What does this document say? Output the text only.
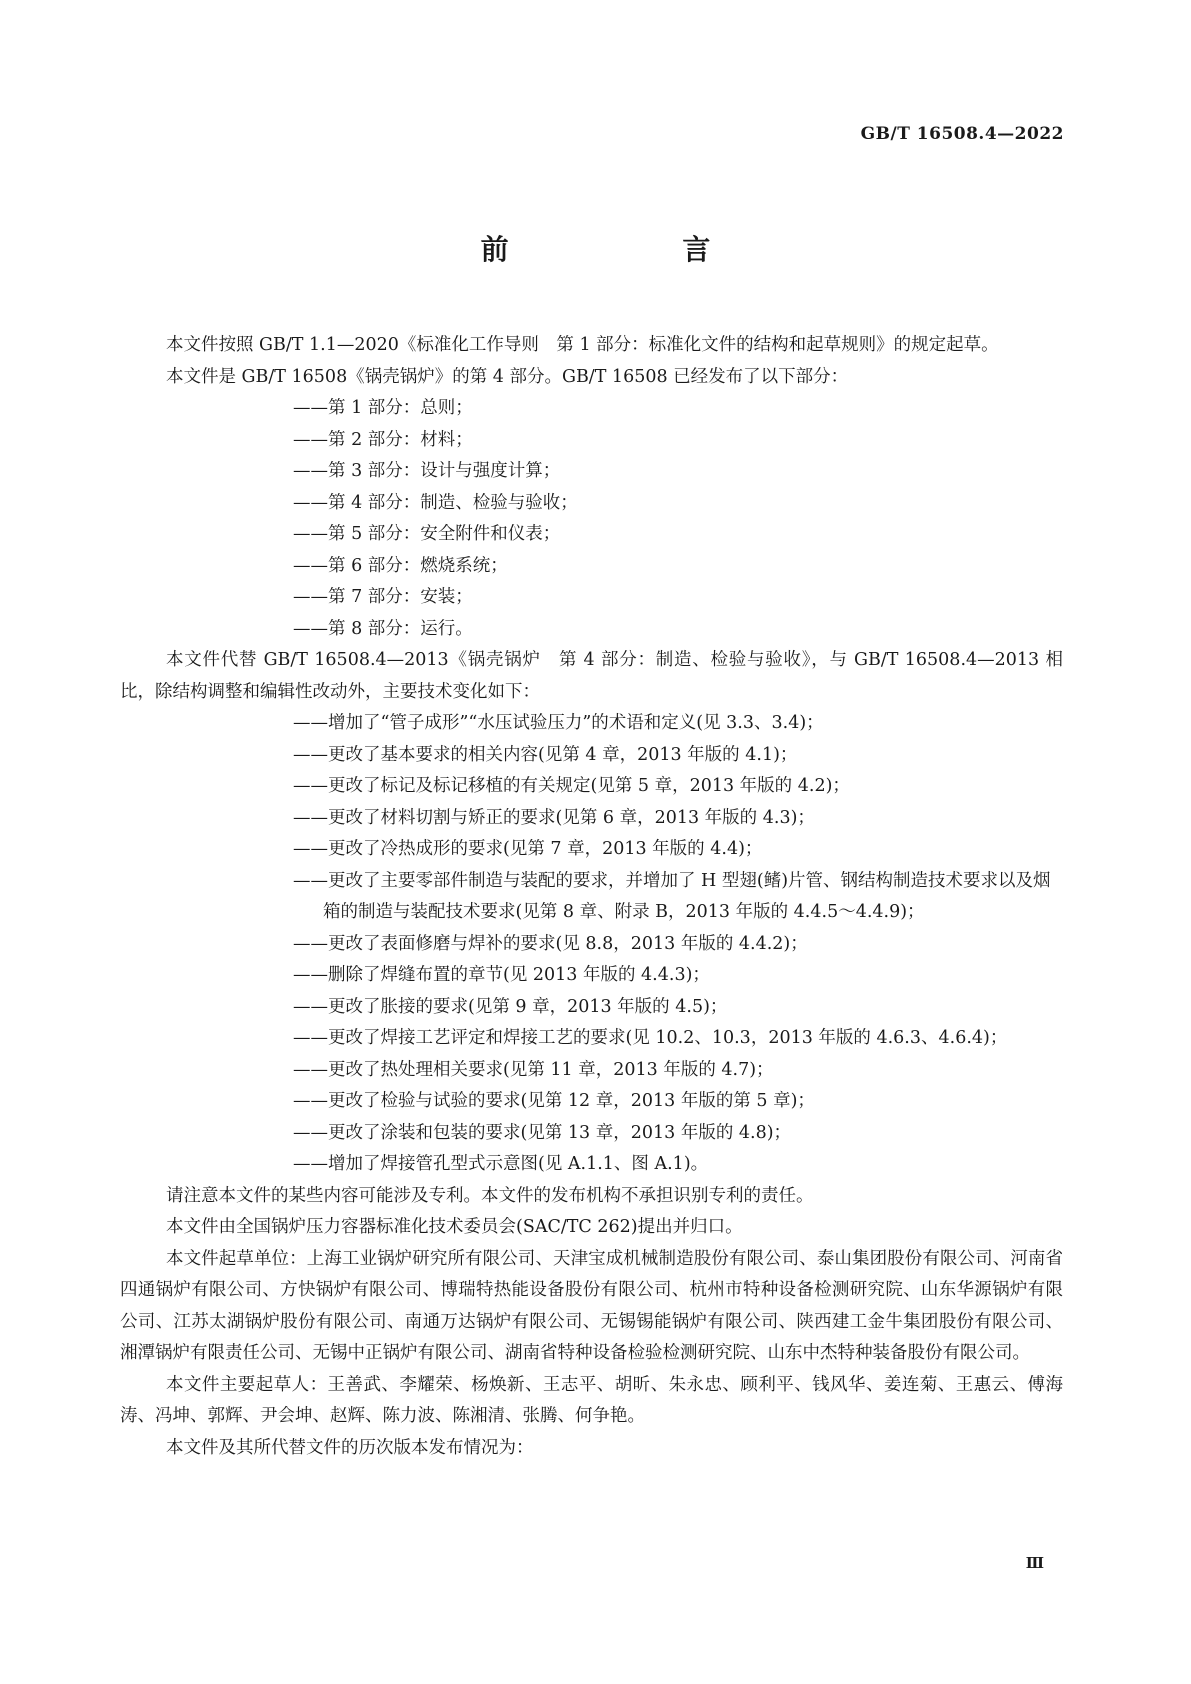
GB/T 16508.4—2022
前 言

本文件按照 GB/T 1.1—2020《标准化工作导则　第 1 部分：标准化文件的结构和起草规则》的规定起草。

本文件是 GB/T 16508《锅壳锅炉》的第 4 部分。GB/T 16508 已经发布了以下部分：

——第 1 部分：总则；

——第 2 部分：材料；

——第 3 部分：设计与强度计算；

——第 4 部分：制造、检验与验收；

——第 5 部分：安全附件和仪表；

——第 6 部分：燃烧系统；

——第 7 部分：安装；

——第 8 部分：运行。

本文件代替 GB/T 16508.4—2013《锅壳锅炉　第 4 部分：制造、检验与验收》，与 GB/T 16508.4—2013 相比，除结构调整和编辑性改动外，主要技术变化如下：

——增加了“管子成形”“水压试验压力”的术语和定义(见 3.3、3.4)；

——更改了基本要求的相关内容(见第 4 章，2013 年版的 4.1)；

——更改了标记及标记移植的有关规定(见第 5 章，2013 年版的 4.2)；

——更改了材料切割与矫正的要求(见第 6 章，2013 年版的 4.3)；

——更改了冷热成形的要求(见第 7 章，2013 年版的 4.4)；

——更改了主要零部件制造与装配的要求，并增加了 H 型翅(鳍)片管、钢结构制造技术要求以及烟箱的制造与装配技术要求(见第 8 章、附录 B，2013 年版的 4.4.5～4.4.9)；

——更改了表面修磨与焊补的要求(见 8.8，2013 年版的 4.4.2)；

——删除了焊缝布置的章节(见 2013 年版的 4.4.3)；

——更改了胀接的要求(见第 9 章，2013 年版的 4.5)；

——更改了焊接工艺评定和焊接工艺的要求(见 10.2、10.3，2013 年版的 4.6.3、4.6.4)；

——更改了热处理相关要求(见第 11 章，2013 年版的 4.7)；

——更改了检验与试验的要求(见第 12 章，2013 年版的第 5 章)；

——更改了涂装和包装的要求(见第 13 章，2013 年版的 4.8)；

——增加了焊接管孔型式示意图(见 A.1.1、图 A.1)。

请注意本文件的某些内容可能涉及专利。本文件的发布机构不承担识别专利的责任。

本文件由全国锅炉压力容器标准化技术委员会(SAC/TC 262)提出并归口。

本文件起草单位：上海工业锅炉研究所有限公司、天津宝成机械制造股份有限公司、泰山集团股份有限公司、河南省四通锅炉有限公司、方快锅炉有限公司、博瑞特热能设备股份有限公司、杭州市特种设备检测研究院、山东华源锅炉有限公司、江苏太湖锅炉股份有限公司、南通万达锅炉有限公司、无锡锡能锅炉有限公司、陕西建工金牛集团股份有限公司、湘潭锅炉有限责任公司、无锡中正锅炉有限公司、湖南省特种设备检验检测研究院、山东中杰特种装备股份有限公司。

本文件主要起草人：王善武、李耀荣、杨焕新、王志平、胡昕、朱永忠、顾利平、钱风华、姜连菊、王惠云、傅海涛、冯坤、郭辉、尹会坤、赵辉、陈力波、陈湘清、张腾、何争艳。

本文件及其所代替文件的历次版本发布情况为：

Ⅲ
